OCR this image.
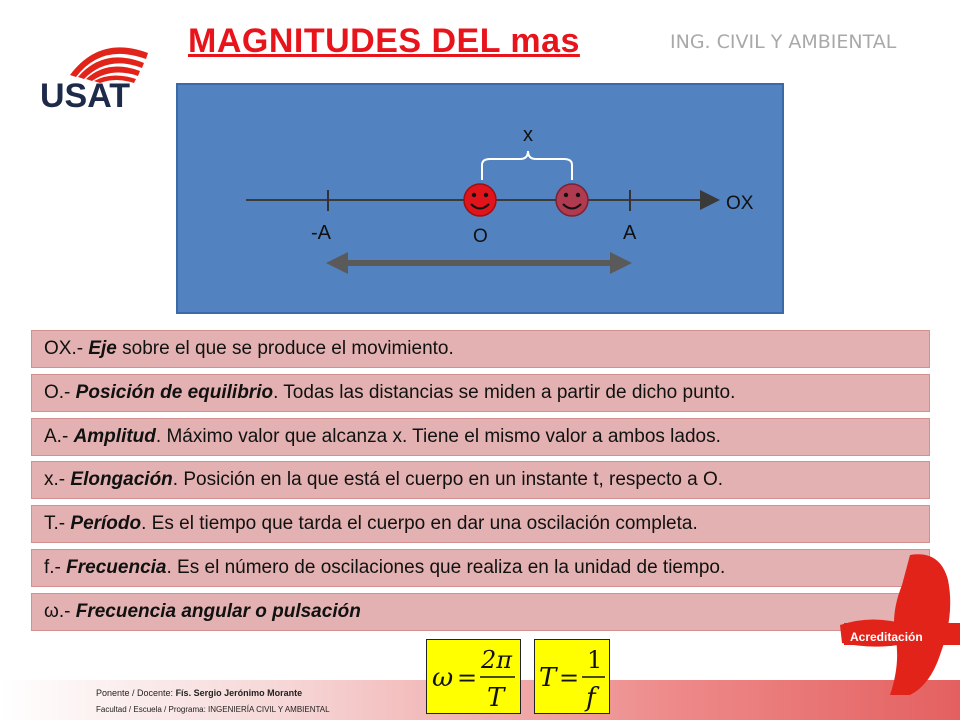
USAT
MAGNITUDES DEL mas	ING. CIVIL Y AMBIENTAL
x
OX
-A	O	A
OX.- Eje sobre el que se produce el movimiento.
O.- Posición de equilibrio. Todas las distancias se miden a partir de dicho punto.
A.- Amplitud. Máximo valor que alcanza x. Tiene el mismo valor a ambos lados.
x.- Elongación. Posición en la que está el cuerpo en un instante t, respecto a O.
T.- Período. Es el tiempo que tarda el cuerpo en dar una oscilación completa.
f.- Frecuencia. Es el número de oscilaciones que realiza en la unidad de tiempo.
ω.- Frecuencia angular o pulsación
Ponente / Docente: Fís. Sergio Jerónimo Morante
Facultad / Escuela / Programa: INGENIERÍA CIVIL Y AMBIENTAL
Acreditación
ω =
2π
T
T =
1
f
